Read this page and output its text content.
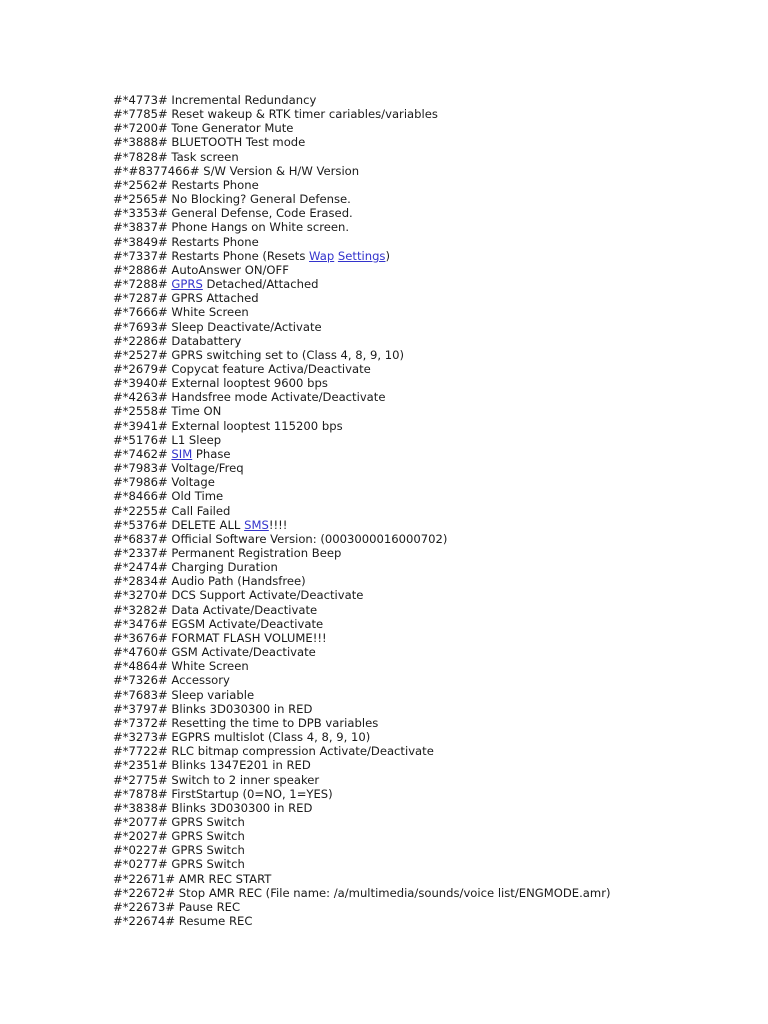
#*4773# Incremental Redundancy
#*7785# Reset wakeup & RTK timer cariables/variables
#*7200# Tone Generator Mute
#*3888# BLUETOOTH Test mode
#*7828# Task screen
#*#8377466# S/W Version & H/W Version
#*2562# Restarts Phone
#*2565# No Blocking? General Defense.
#*3353# General Defense, Code Erased.
#*3837# Phone Hangs on White screen.
#*3849# Restarts Phone
#*7337# Restarts Phone (Resets Wap Settings)
#*2886# AutoAnswer ON/OFF
#*7288# GPRS Detached/Attached
#*7287# GPRS Attached
#*7666# White Screen
#*7693# Sleep Deactivate/Activate
#*2286# Databattery
#*2527# GPRS switching set to (Class 4, 8, 9, 10)
#*2679# Copycat feature Activa/Deactivate
#*3940# External looptest 9600 bps
#*4263# Handsfree mode Activate/Deactivate
#*2558# Time ON
#*3941# External looptest 115200 bps
#*5176# L1 Sleep
#*7462# SIM Phase
#*7983# Voltage/Freq
#*7986# Voltage
#*8466# Old Time
#*2255# Call Failed
#*5376# DELETE ALL SMS!!!!
#*6837# Official Software Version: (0003000016000702)
#*2337# Permanent Registration Beep
#*2474# Charging Duration
#*2834# Audio Path (Handsfree)
#*3270# DCS Support Activate/Deactivate
#*3282# Data Activate/Deactivate
#*3476# EGSM Activate/Deactivate
#*3676# FORMAT FLASH VOLUME!!!
#*4760# GSM Activate/Deactivate
#*4864# White Screen
#*7326# Accessory
#*7683# Sleep variable
#*3797# Blinks 3D030300 in RED
#*7372# Resetting the time to DPB variables
#*3273# EGPRS multislot (Class 4, 8, 9, 10)
#*7722# RLC bitmap compression Activate/Deactivate
#*2351# Blinks 1347E201 in RED
#*2775# Switch to 2 inner speaker
#*7878# FirstStartup (0=NO, 1=YES)
#*3838# Blinks 3D030300 in RED
#*2077# GPRS Switch
#*2027# GPRS Switch
#*0227# GPRS Switch
#*0277# GPRS Switch
#*22671# AMR REC START
#*22672# Stop AMR REC (File name: /a/multimedia/sounds/voice list/ENGMODE.amr)
#*22673# Pause REC
#*22674# Resume REC
